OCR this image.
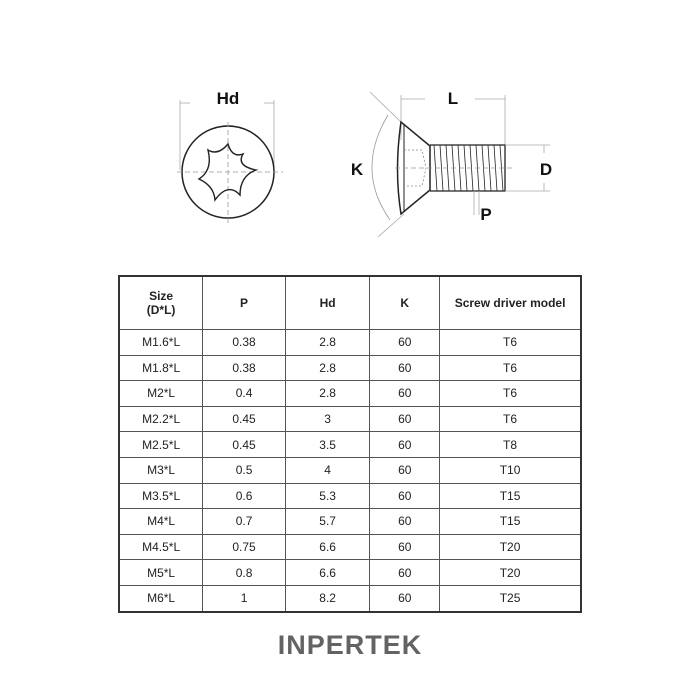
Hd	L
K	D
P
Size
(D*L)	P	Hd	K	Screw driver model
M1.6*L	0.38	2.8	60	T6
M1.8*L	0.38	2.8	60	T6
M2*L	0.4	2.8	60	T6
M2.2*L	0.45	3	60	T6
M2.5*L	0.45	3.5	60	T8
M3*L	0.5	4	60	T10
M3.5*L	0.6	5.3	60	T15
M4*L	0.7	5.7	60	T15
M4.5*L	0.75	6.6	60	T20
M5*L	0.8	6.6	60	T20
M6*L	1	8.2	60	T25
INPERTEK
